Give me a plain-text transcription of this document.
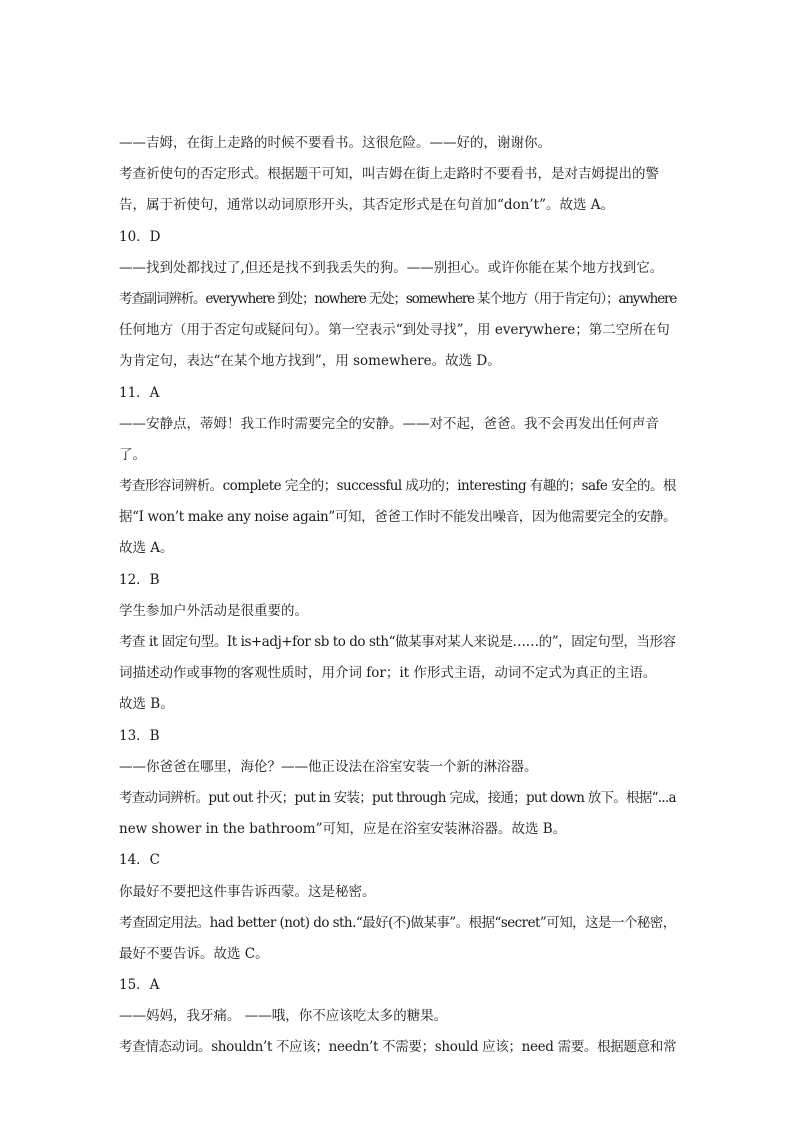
——吉姆，在街上走路的时候不要看书。这很危险。——好的，谢谢你。
考查祈使句的否定形式。根据题干可知，叫吉姆在街上走路时不要看书，是对吉姆提出的警
告，属于祈使句，通常以动词原形开头，其否定形式是在句首加“don’t”。故选 A。
10．D
——找到处都找过了,但还是找不到我丢失的狗。——别担心。或许你能在某个地方找到它。
考查副词辨析。everywhere 到处；nowhere 无处；somewhere 某个地方（用于肯定句）；anywhere
任何地方（用于否定句或疑问句）。第一空表示“到处寻找”，用 everywhere；第二空所在句
为肯定句，表达“在某个地方找到”，用 somewhere。故选 D。
11．A
——安静点，蒂姆！我工作时需要完全的安静。——对不起，爸爸。我不会再发出任何声音
了。
考查形容词辨析。complete 完全的；successful 成功的；interesting 有趣的；safe 安全的。根
据“I won’t make any noise again”可知，爸爸工作时不能发出噪音，因为他需要完全的安静。
故选 A。
12．B
学生参加户外活动是很重要的。
考查 it 固定句型。It is+adj+for sb to do sth“做某事对某人来说是……的”，固定句型，当形容
词描述动作或事物的客观性质时，用介词 for；it 作形式主语，动词不定式为真正的主语。
故选 B。
13．B
——你爸爸在哪里，海伦？——他正设法在浴室安装一个新的淋浴器。
考查动词辨析。put out 扑灭；put in 安装；put through 完成，接通；put down 放下。根据“...a
new shower in the bathroom”可知，应是在浴室安装淋浴器。故选 B。
14．C
你最好不要把这件事告诉西蒙。这是秘密。
考查固定用法。had better (not) do sth.“最好(不)做某事”。根据“secret”可知，这是一个秘密，
最好不要告诉。故选 C。
15．A
——妈妈，我牙痛。 ——哦，你不应该吃太多的糖果。
考查情态动词。shouldn’t 不应该；needn’t 不需要；should 应该；need 需要。根据题意和常
